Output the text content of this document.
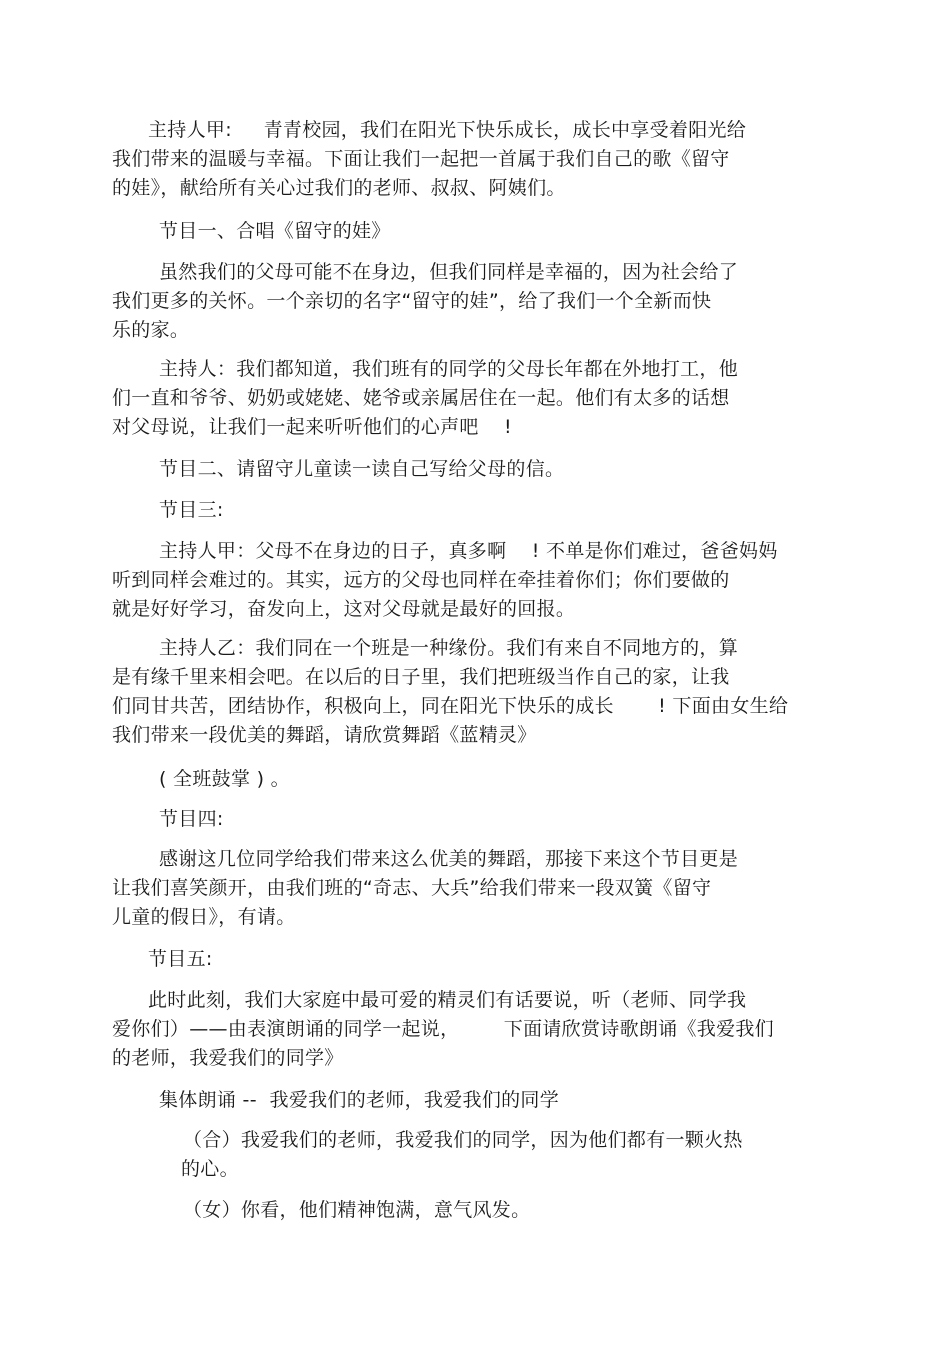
主持人甲:     青青校园，我们在阳光下快乐成长，成长中享受着阳光给
我们带来的温暖与幸福。下面让我们一起把一首属于我们自己的歌《留守
的娃》，献给所有关心过我们的老师、叔叔、阿姨们。
节目一、合唱《留守的娃》
虽然我们的父母可能不在身边，但我们同样是幸福的，因为社会给了
我们更多的关怀。一个亲切的名字“留守的娃”，给了我们一个全新而快
乐的家。
主持人：我们都知道，我们班有的同学的父母长年都在外地打工，他
们一直和爷爷、奶奶或姥姥、姥爷或亲属居住在一起。他们有太多的话想
对父母说，让我们一起来听听他们的心声吧    !
节目二、请留守儿童读一读自己写给父母的信。
节目三:
主持人甲：父母不在身边的日子，真多啊    ! 不单是你们难过，爸爸妈妈
听到同样会难过的。其实，远方的父母也同样在牵挂着你们；你们要做的
就是好好学习，奋发向上，这对父母就是最好的回报。
主持人乙：我们同在一个班是一种缘份。我们有来自不同地方的，算
是有缘千里来相会吧。在以后的日子里，我们把班级当作自己的家，让我
们同甘共苦，团结协作，积极向上，同在阳光下快乐的成长       ! 下面由女生给
我们带来一段优美的舞蹈，请欣赏舞蹈《蓝精灵》
( 全班鼓掌 ) 。
节目四:
感谢这几位同学给我们带来这么优美的舞蹈，那接下来这个节目更是
让我们喜笑颜开，由我们班的“奇志、大兵”给我们带来一段双簧《留守
儿童的假日》，有请。
节目五:
此时此刻，我们大家庭中最可爱的精灵们有话要说，听（老师、同学我
爱你们）——由表演朗诵的同学一起说，       下面请欣赏诗歌朗诵《我爱我们
的老师，我爱我们的同学》
集体朗诵 --  我爱我们的老师，我爱我们的同学
（合）我爱我们的老师，我爱我们的同学，因为他们都有一颗火热
的心。
（女）你看，他们精神饱满，意气风发。
